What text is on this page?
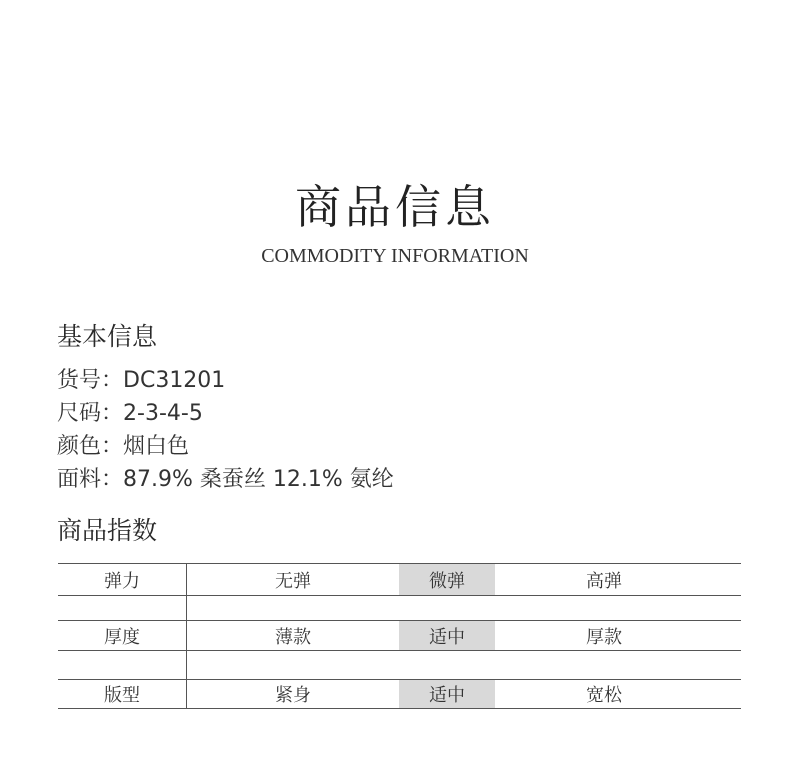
商品信息
COMMODITY INFORMATION
基本信息
货号：DC31201
尺码：2-3-4-5
颜色：烟白色
面料：87.9% 桑蚕丝 12.1% 氨纶
商品指数
弹力	无弹	微弹	高弹
厚度	薄款	适中	厚款
版型	紧身	适中	宽松
